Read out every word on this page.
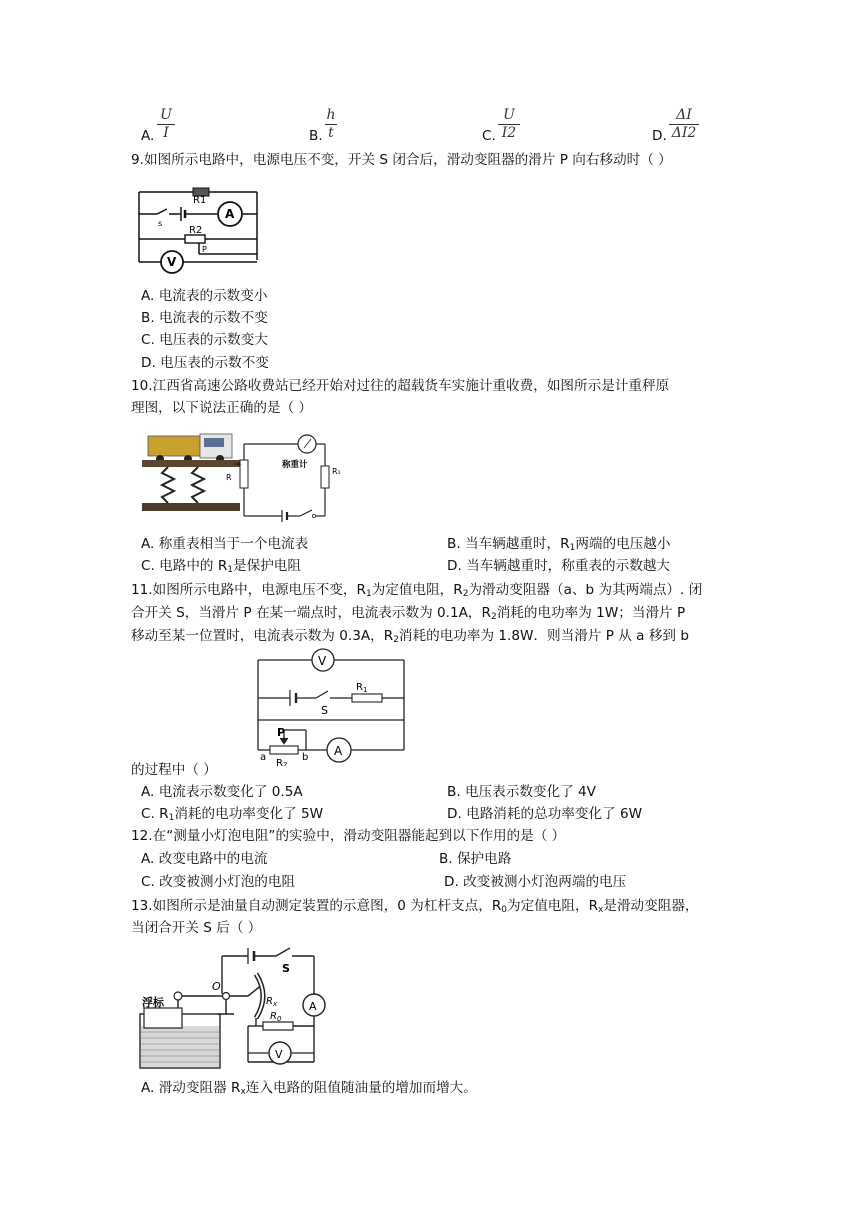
A.
U
I	B.
h
t	C.
U
I2	D.
ΔI
ΔI2
9.如图所示电路中，电源电压不变，开关 S 闭合后，滑动变阻器的滑片 P 向右移动时（ ）
R1
R2
s
P
A
V
A. 电流表的示数变小
B. 电流表的示数不变
C. 电压表的示数变大
D. 电压表的示数不变
10.江西省高速公路收费站已经开始对过往的超载货车实施计重收费，如图所示是计重秤原
理图，以下说法正确的是（ ）
称重计
R
R₁
A. 称重表相当于一个电流表	B. 当车辆越重时，$R_1$两端的电压越小
C. 电路中的 $R_1$是保护电阻	D. 当车辆越重时，称重表的示数越大
11.如图所示电路中，电源电压不变，$R_1$为定值电阻，$R_2$为滑动变阻器（a、b 为其两端点）. 闭
合开关 S，当滑片 P 在某一端点时，电流表示数为 0.1A，$R_2$消耗的电功率为 1W；当滑片 P
移动至某一位置时，电流表示数为 0.3A，$R_2$消耗的电功率为 1.8W．则当滑片 P 从 a 移到 b
V
A
S
$R_1$
P
a	b
R2
的过程中（ ）
A. 电流表示数变化了 0.5A	B. 电压表示数变化了 4V
C. $R_1$消耗的电功率变化了 5W	D. 电路消耗的总功率变化了 6W
12.在“测量小灯泡电阻”的实验中，滑动变阻器能起到以下作用的是（ ）
A. 改变电路中的电流	B. 保护电路
C. 改变被测小灯泡的电阻	D. 改变被测小灯泡两端的电压
13.如图所示是油量自动测定装置的示意图，0 为杠杆支点，$R_0$为定值电阻，$R_x$是滑动变阻器，
当闭合开关 S 后（ ）
浮标
O
S
$R_x$
$R_0$
A
V
A. 滑动变阻器 $R_x$连入电路的阻值随油量的增加而增大。
